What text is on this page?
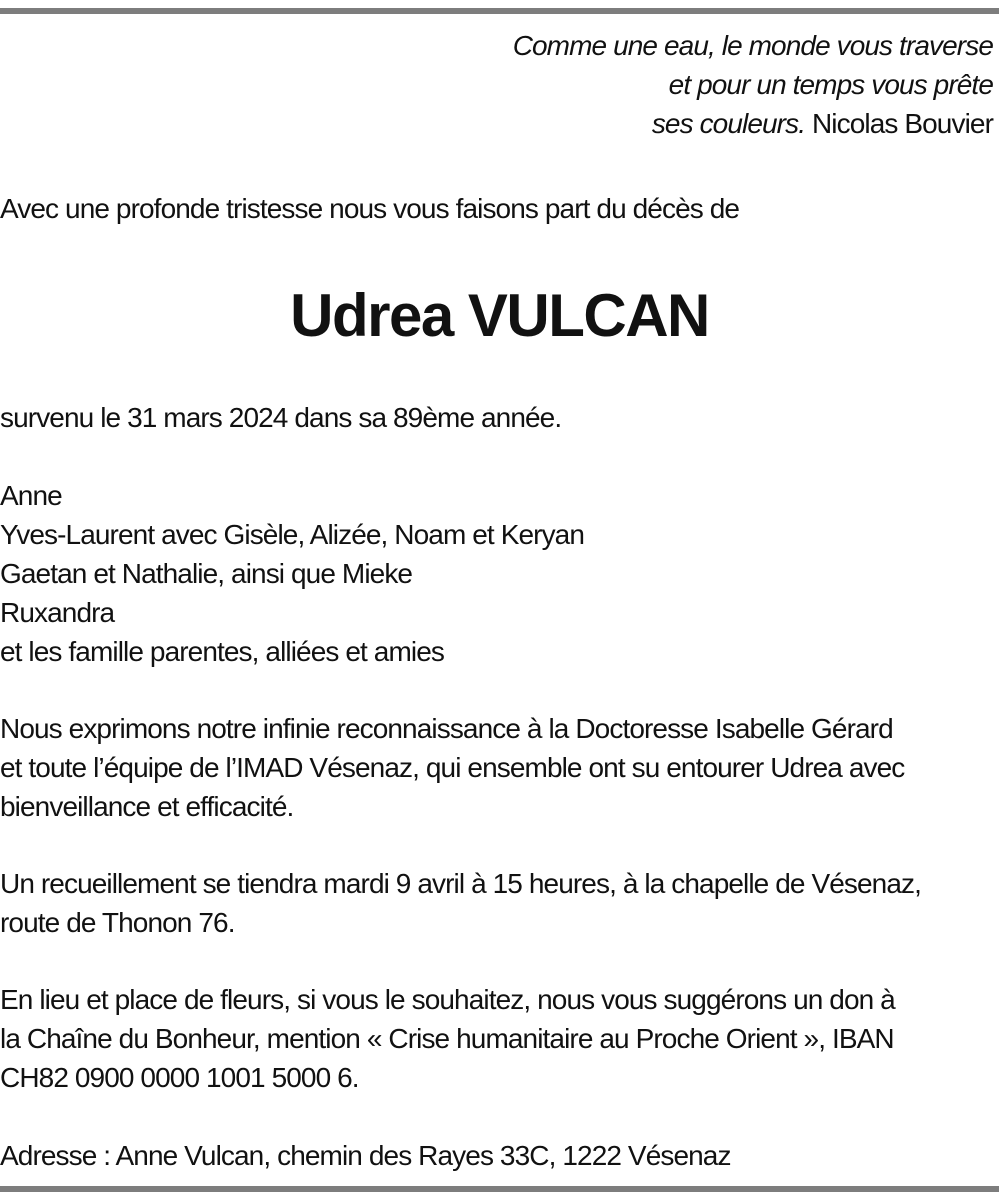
Comme une eau, le monde vous traverse
et pour un temps vous prête
ses couleurs. Nicolas Bouvier

Avec une profonde tristesse nous vous faisons part du décès de

Udrea VULCAN

survenu le 31 mars 2024 dans sa 89ème année.

Anne
Yves-Laurent avec Gisèle, Alizée, Noam et Keryan
Gaetan et Nathalie, ainsi que Mieke
Ruxandra
et les famille parentes, alliées et amies
Nous exprimons notre infinie reconnaissance à la Doctoresse Isabelle Gérard
et toute l’équipe de l’IMAD Vésenaz, qui ensemble ont su entourer Udrea avec
bienveillance et efficacité.
Un recueillement se tiendra mardi 9 avril à 15 heures, à la chapelle de Vésenaz,
route de Thonon 76.
En lieu et place de fleurs, si vous le souhaitez, nous vous suggérons un don à
la Chaîne du Bonheur, mention « Crise humanitaire au Proche Orient », IBAN
CH82 0900 0000 1001 5000 6.

Adresse : Anne Vulcan, chemin des Rayes 33C, 1222 Vésenaz
